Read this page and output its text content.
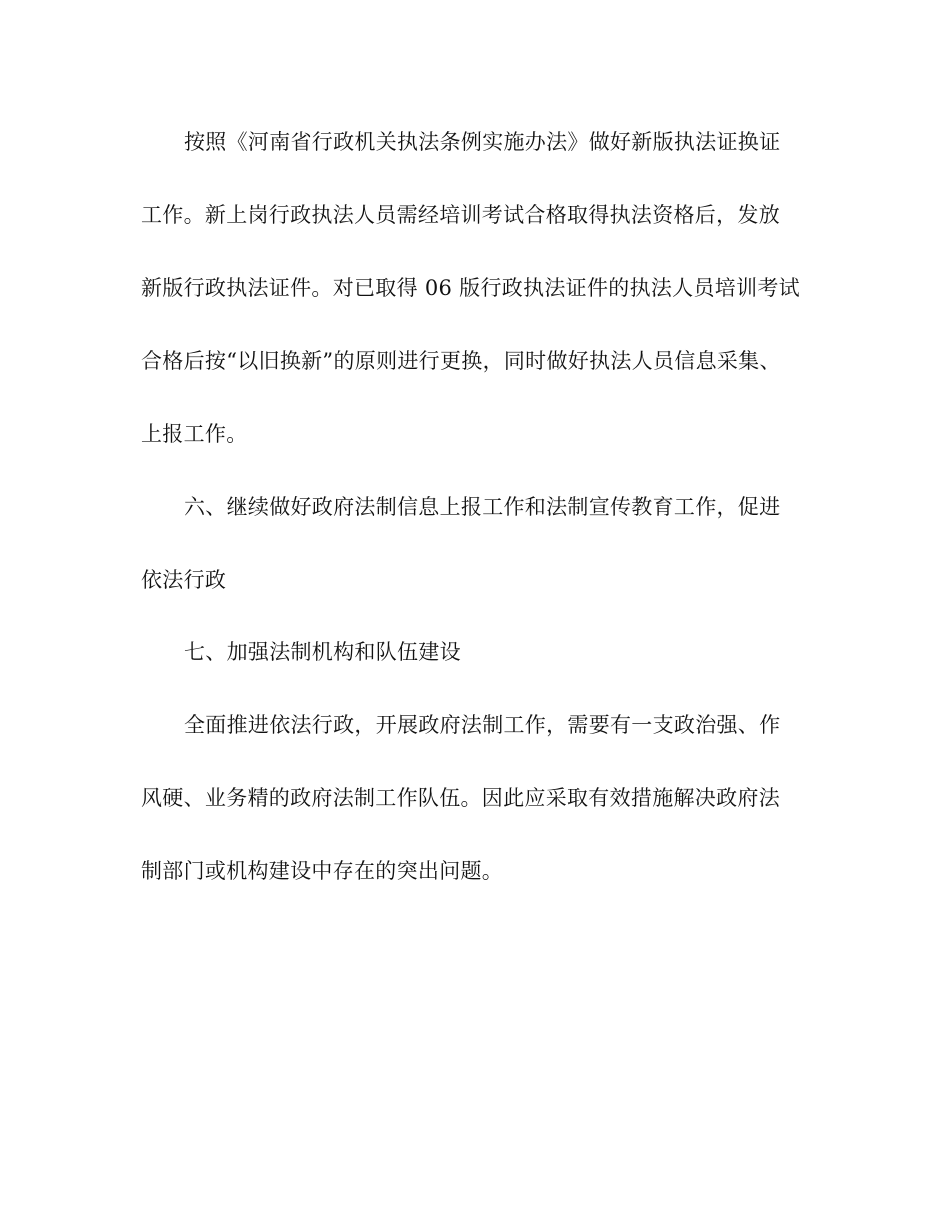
按照《河南省行政机关执法条例实施办法》做好新版执法证换证
工作。新上岗行政执法人员需经培训考试合格取得执法资格后，发放
新版行政执法证件。对已取得 06 版行政执法证件的执法人员培训考试
合格后按“以旧换新”的原则进行更换，同时做好执法人员信息采集、
上报工作。
六、继续做好政府法制信息上报工作和法制宣传教育工作，促进
依法行政
七、加强法制机构和队伍建设
全面推进依法行政，开展政府法制工作，需要有一支政治强、作
风硬、业务精的政府法制工作队伍。因此应采取有效措施解决政府法
制部门或机构建设中存在的突出问题。
